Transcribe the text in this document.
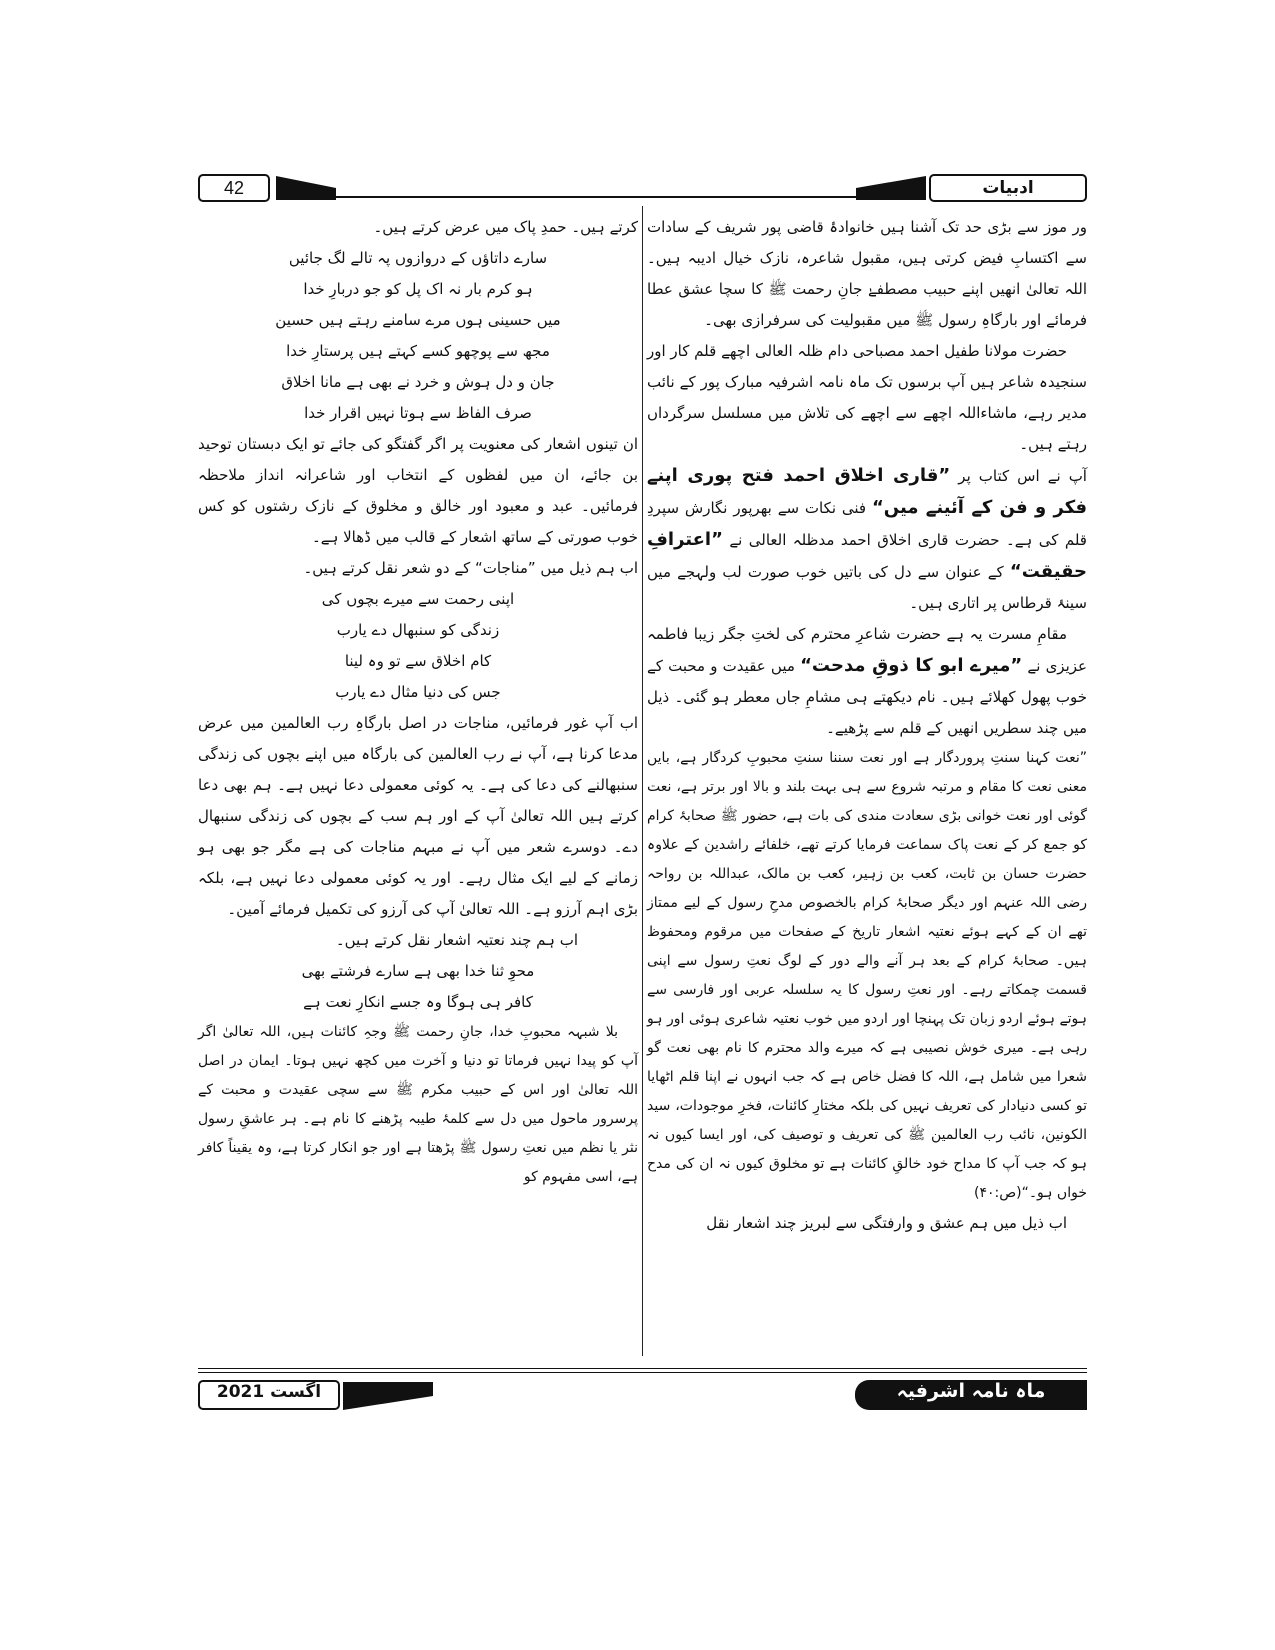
42	ادبیات

ور موز سے بڑی حد تک آشنا ہیں خانوادۂ قاضی پور شریف کے سادات سے اکتسابِ فیض کرتی ہیں، مقبول شاعرہ، نازک خیال ادیبہ ہیں۔ اللہ تعالیٰ انھیں اپنے حبیب مصطفےٰ جانِ رحمت ﷺ کا سچا عشق عطا فرمائے اور بارگاہِ رسول ﷺ میں مقبولیت کی سرفرازی بھی۔

حضرت مولانا طفیل احمد مصباحی دام ظلہ العالی اچھے قلم کار اور سنجیدہ شاعر ہیں آپ برسوں تک ماہ نامہ اشرفیہ مبارک پور کے نائب مدیر رہے، ماشاءاللہ اچھے سے اچھے کی تلاش میں مسلسل سرگرداں رہتے ہیں۔

آپ نے اس کتاب پر ”قاری اخلاق احمد فتح پوری اپنے فکر و فن کے آئینے میں“ فنی نکات سے بھرپور نگارش سپردِ قلم کی ہے۔ حضرت قاری اخلاق احمد مدظلہ العالی نے ”اعترافِ حقیقت“ کے عنوان سے دل کی باتیں خوب صورت لب ولہجے میں سینۂ قرطاس پر اتاری ہیں۔

مقامِ مسرت یہ ہے حضرت شاعرِ محترم کی لختِ جگر زیبا فاطمہ عزیزی نے ”میرے ابو کا ذوقِ مدحت“ میں عقیدت و محبت کے خوب پھول کھلائے ہیں۔ نام دیکھتے ہی مشامِ جاں معطر ہو گئی۔ ذیل میں چند سطریں انھیں کے قلم سے پڑھیے۔

”نعت کہنا سنتِ پروردگار ہے اور نعت سننا سنتِ محبوبِ کردگار ہے، بایں معنی نعت کا مقام و مرتبہ شروع سے ہی بہت بلند و بالا اور برتر ہے، نعت گوئی اور نعت خوانی بڑی سعادت مندی کی بات ہے، حضور ﷺ صحابۂ کرام کو جمع کر کے نعت پاک سماعت فرمایا کرتے تھے، خلفائے راشدین کے علاوہ حضرت حسان بن ثابت، کعب بن زہیر، کعب بن مالک، عبداللہ بن رواحہ رضی اللہ عنہم اور دیگر صحابۂ کرام بالخصوص مدحِ رسول کے لیے ممتاز تھے ان کے کہے ہوئے نعتیہ اشعار تاریخ کے صفحات میں مرقوم ومحفوظ ہیں۔ صحابۂ کرام کے بعد ہر آنے والے دور کے لوگ نعتِ رسول سے اپنی قسمت چمکاتے رہے۔ اور نعتِ رسول کا یہ سلسلہ عربی اور فارسی سے ہوتے ہوئے اردو زبان تک پہنچا اور اردو میں خوب نعتیہ شاعری ہوئی اور ہو رہی ہے۔ میری خوش نصیبی ہے کہ میرے والد محترم کا نام بھی نعت گو شعرا میں شامل ہے، اللہ کا فضل خاص ہے کہ جب انہوں نے اپنا قلم اٹھایا تو کسی دنیادار کی تعریف نہیں کی بلکہ مختارِ کائنات، فخرِ موجودات، سید الکونین، نائب رب العالمین ﷺ کی تعریف و توصیف کی، اور ایسا کیوں نہ ہو کہ جب آپ کا مداح خود خالقِ کائنات ہے تو مخلوق کیوں نہ ان کی مدح خواں ہو۔“(ص:۴۰)

اب ذیل میں ہم عشق و وارفتگی سے لبریز چند اشعار نقل

کرتے ہیں۔ حمدِ پاک میں عرض کرتے ہیں۔

سارے داتاؤں کے دروازوں پہ تالے لگ جائیں

ہو کرم بار نہ اک پل کو جو دربارِ خدا

میں حسینی ہوں مرے سامنے رہتے ہیں حسین

مجھ سے پوچھو کسے کہتے ہیں پرستارِ خدا

جان و دل ہوش و خرد نے بھی ہے مانا اخلاق

صرف الفاظ سے ہوتا نہیں اقرار خدا

ان تینوں اشعار کی معنویت پر اگر گفتگو کی جائے تو ایک دبستان توحید بن جائے، ان میں لفظوں کے انتخاب اور شاعرانہ انداز ملاحظہ فرمائیں۔ عبد و معبود اور خالق و مخلوق کے نازک رشتوں کو کس خوب صورتی کے ساتھ اشعار کے قالب میں ڈھالا ہے۔

اب ہم ذیل میں ”مناجات“ کے دو شعر نقل کرتے ہیں۔

اپنی رحمت سے میرے بچوں کی

زندگی کو سنبھال دے یارب

کام اخلاق سے تو وہ لینا

جس کی دنیا مثال دے یارب

اب آپ غور فرمائیں، مناجات در اصل بارگاہِ رب العالمین میں عرض مدعا کرنا ہے، آپ نے رب العالمین کی بارگاہ میں اپنے بچوں کی زندگی سنبھالنے کی دعا کی ہے۔ یہ کوئی معمولی دعا نہیں ہے۔ ہم بھی دعا کرتے ہیں اللہ تعالیٰ آپ کے اور ہم سب کے بچوں کی زندگی سنبھال دے۔ دوسرے شعر میں آپ نے مبہم مناجات کی ہے مگر جو بھی ہو زمانے کے لیے ایک مثال رہے۔ اور یہ کوئی معمولی دعا نہیں ہے، بلکہ بڑی اہم آرزو ہے۔ اللہ تعالیٰ آپ کی آرزو کی تکمیل فرمائے آمین۔

اب ہم چند نعتیہ اشعار نقل کرتے ہیں۔

محوِ ثنا خدا بھی ہے سارے فرشتے بھی

کافر ہی ہوگا وہ جسے انکارِ نعت ہے

بلا شبہہ محبوبِ خدا، جانِ رحمت ﷺ وجہِ کائنات ہیں، اللہ تعالیٰ اگر آپ کو پیدا نہیں فرماتا تو دنیا و آخرت میں کچھ نہیں ہوتا۔ ایمان در اصل اللہ تعالیٰ اور اس کے حبیب مکرم ﷺ سے سچی عقیدت و محبت کے پرسرور ماحول میں دل سے کلمۂ طیبہ پڑھنے کا نام ہے۔ ہر عاشقِ رسول نثر یا نظم میں نعتِ رسول ﷺ پڑھتا ہے اور جو انکار کرتا ہے، وہ یقیناً کافر ہے، اسی مفہوم کو

اگست 2021	ماہ نامہ اشرفیہ
